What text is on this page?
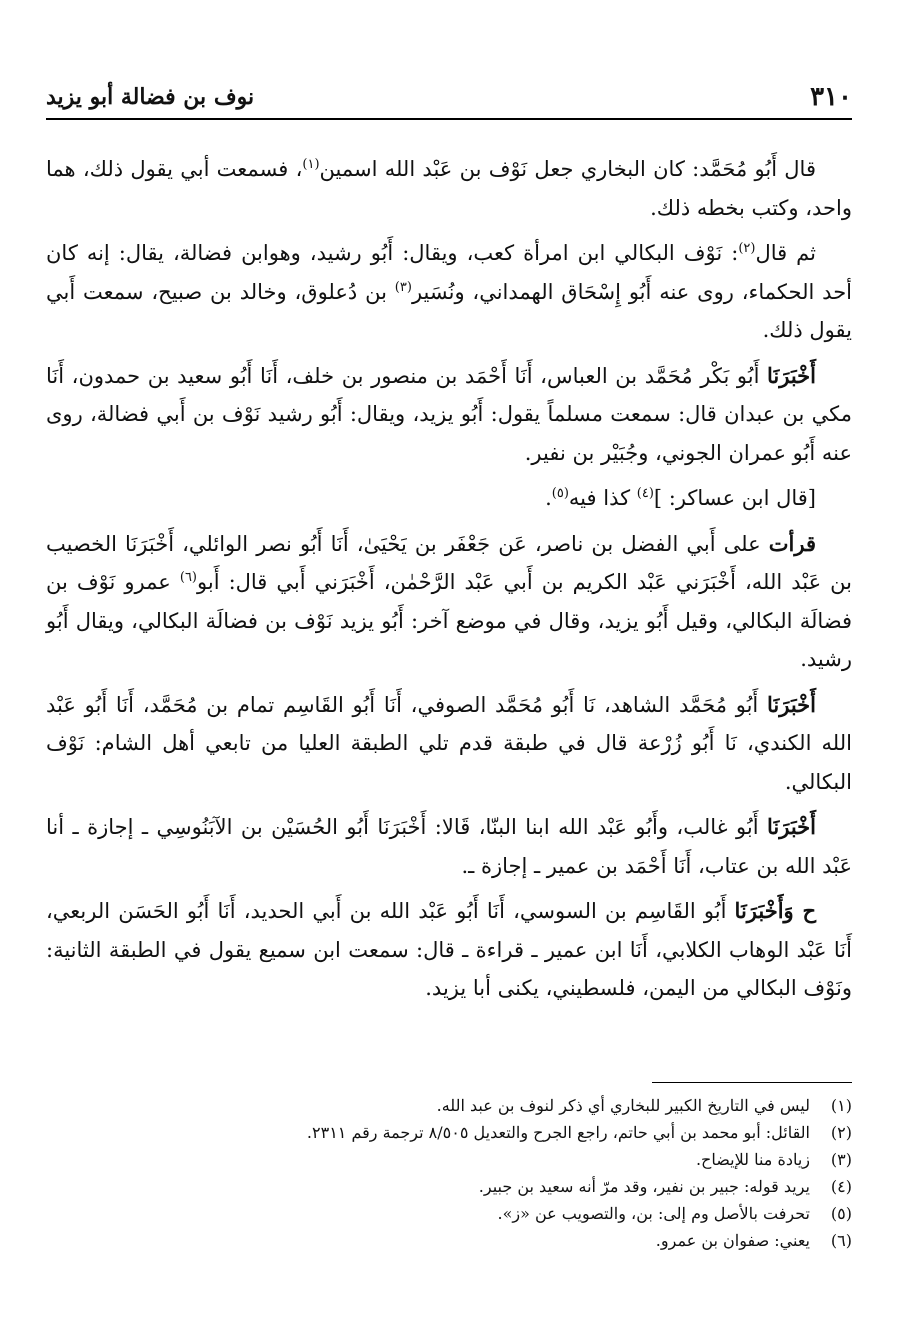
٣١٠
نوف بن فضالة أبو يزيد

قال أَبُو مُحَمَّد: كان البخاري جعل نَوْف بن عَبْد الله اسمين$^{(١)}$، فسمعت أبي يقول ذلك، هما واحد، وكتب بخطه ذلك.

ثم قال$^{(٢)}$: نَوْف البكالي ابن امرأة كعب، ويقال: أَبُو رشيد، وهوابن فضالة، يقال: إنه كان أحد الحكماء، روى عنه أَبُو إِسْحَاق الهمداني، ونُسَير$^{(٣)}$ بن دُعلوق، وخالد بن صبيح، سمعت أَبي يقول ذلك.

أَخْبَرَنَا أَبُو بَكْر مُحَمَّد بن العباس، أَنَا أَحْمَد بن منصور بن خلف، أَنَا أَبُو سعيد بن حمدون، أَنَا مكي بن عبدان قال: سمعت مسلماً يقول: أَبُو يزيد، ويقال: أَبُو رشيد نَوْف بن أَبي فضالة، روى عنه أَبُو عمران الجوني، وجُبَيْر بن نفير.

[قال ابن عساكر: ]$^{(٤)}$ كذا فيه$^{(٥)}$.

قرأت على أَبي الفضل بن ناصر، عَن جَعْفَر بن يَحْيَىٰ، أَنَا أَبُو نصر الوائلي، أَخْبَرَنَا الخصيب بن عَبْد الله، أَخْبَرَني عَبْد الكريم بن أَبي عَبْد الرَّحْمٰن، أَخْبَرَني أَبي قال: أَبو$^{(٦)}$ عمرو نَوْف بن فضالَة البكالي، وقيل أَبُو يزيد، وقال في موضع آخر: أَبُو يزيد نَوْف بن فضالَة البكالي، ويقال أَبُو رشيد.

أَخْبَرَنَا أَبُو مُحَمَّد الشاهد، نَا أَبُو مُحَمَّد الصوفي، أَنَا أَبُو القَاسِم تمام بن مُحَمَّد، أَنَا أَبُو عَبْد الله الكندي، نَا أَبُو زُرْعة قال في طبقة قدم تلي الطبقة العليا من تابعي أهل الشام: نَوْف البكالي.

أَخْبَرَنَا أَبُو غالب، وأَبُو عَبْد الله ابنا البنّا، قَالا: أَخْبَرَنَا أَبُو الحُسَيْن بن الآبَنُوسِي ـ إجازة ـ أنا عَبْد الله بن عتاب، أَنَا أَحْمَد بن عمير ـ إجازة ـ.

ح وَأَخْبَرَنَا أَبُو القَاسِم بن السوسي، أَنَا أَبُو عَبْد الله بن أَبي الحديد، أَنَا أَبُو الحَسَن الربعي، أَنَا عَبْد الوهاب الكلابي، أَنَا ابن عمير ـ قراءة ـ قال: سمعت ابن سميع يقول في الطبقة الثانية: ونَوْف البكالي من اليمن، فلسطيني، يكنى أبا يزيد.

(١)
ليس في التاريخ الكبير للبخاري أي ذكر لنوف بن عبد الله.
(٢)
القائل: أبو محمد بن أبي حاتم، راجع الجرح والتعديل ٨/٥٠٥ ترجمة رقم ٢٣١١.
(٣)
زيادة منا للإيضاح.
(٤)
يريد قوله: جبير بن نفير، وقد مرّ أنه سعيد بن جبير.
(٥)
تحرفت بالأصل وم إلى: بن، والتصويب عن «ز».
(٦)
يعني: صفوان بن عمرو.
